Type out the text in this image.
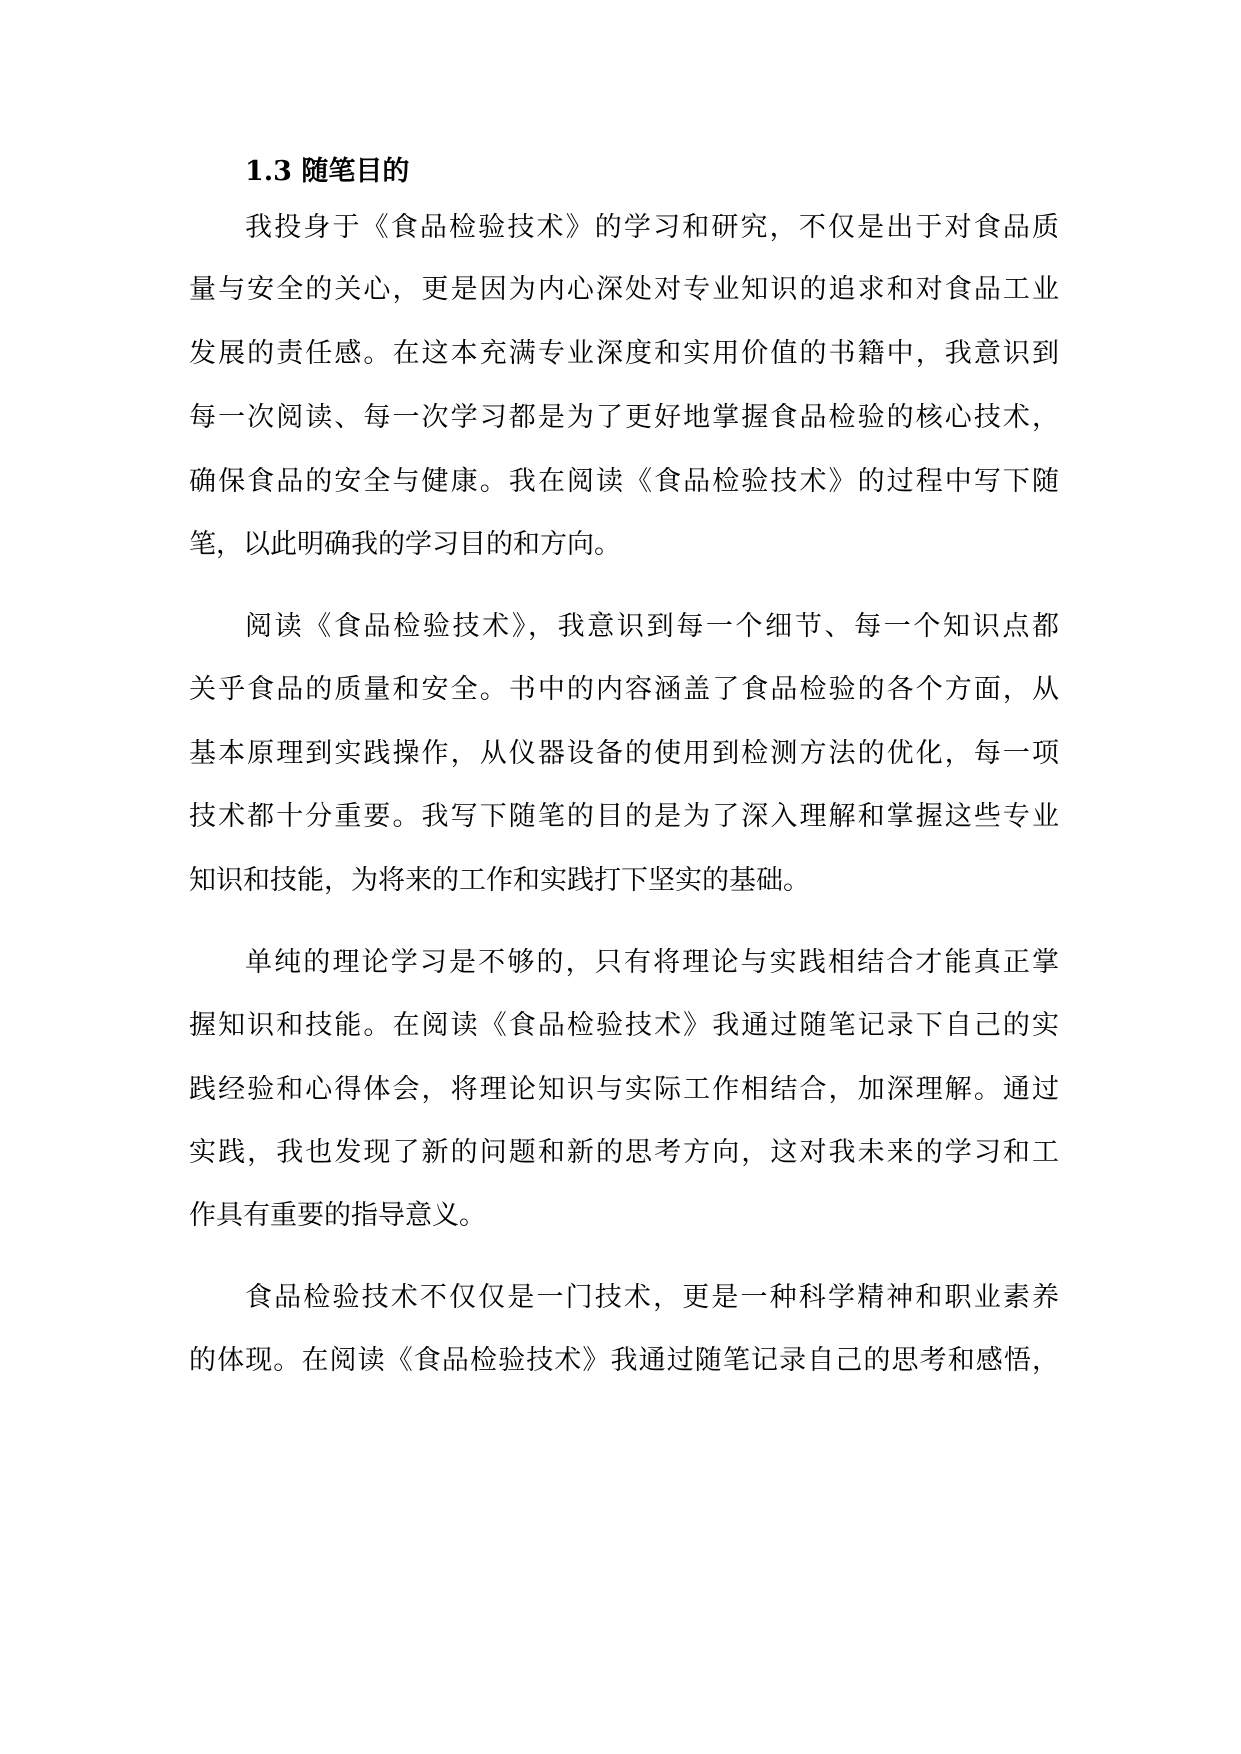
1.3 随笔目的
我投身于《食品检验技术》的学习和研究，不仅是出于对食品质
量与安全的关心，更是因为内心深处对专业知识的追求和对食品工业
发展的责任感。在这本充满专业深度和实用价值的书籍中，我意识到
每一次阅读、每一次学习都是为了更好地掌握食品检验的核心技术，
确保食品的安全与健康。我在阅读《食品检验技术》的过程中写下随
笔，以此明确我的学习目的和方向。
阅读《食品检验技术》，我意识到每一个细节、每一个知识点都
关乎食品的质量和安全。书中的内容涵盖了食品检验的各个方面，从
基本原理到实践操作，从仪器设备的使用到检测方法的优化，每一项
技术都十分重要。我写下随笔的目的是为了深入理解和掌握这些专业
知识和技能，为将来的工作和实践打下坚实的基础。
单纯的理论学习是不够的，只有将理论与实践相结合才能真正掌
握知识和技能。在阅读《食品检验技术》我通过随笔记录下自己的实
践经验和心得体会，将理论知识与实际工作相结合，加深理解。通过
实践，我也发现了新的问题和新的思考方向，这对我未来的学习和工
作具有重要的指导意义。
食品检验技术不仅仅是一门技术，更是一种科学精神和职业素养
的体现。在阅读《食品检验技术》我通过随笔记录自己的思考和感悟，
